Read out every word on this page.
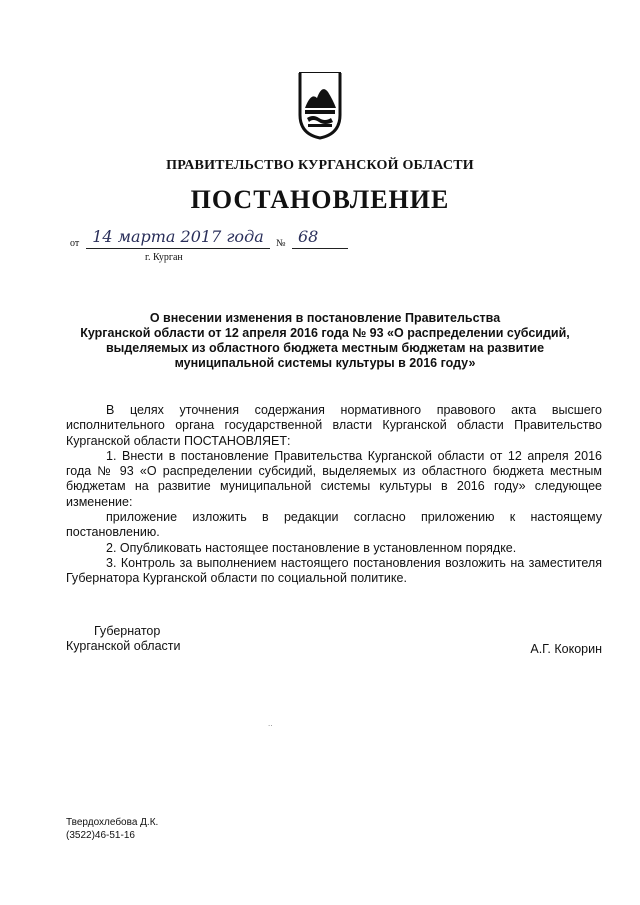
ПРАВИТЕЛЬСТВО КУРГАНСКОЙ ОБЛАСТИ
ПОСТАНОВЛЕНИЕ
от 14 марта 2017 года	№ 68
г. Курган
О внесении изменения в постановление Правительства
Курганской области от 12 апреля 2016 года № 93 «О распределении субсидий,
выделяемых из областного бюджета местным бюджетам на развитие
муниципальной системы культуры в 2016 году»

В целях уточнения содержания нормативного правового акта высшего исполнительного органа государственной власти Курганской области Правительство Курганской области ПОСТАНОВЛЯЕТ:

1. Внести в постановление Правительства Курганской области от 12 апреля 2016 года № 93 «О распределении субсидий, выделяемых из областного бюджета местным бюджетам на развитие муниципальной системы культуры в 2016 году» следующее изменение:

приложение изложить в редакции согласно приложению к настоящему постановлению.

2. Опубликовать настоящее постановление в установленном порядке.

3. Контроль за выполнением настоящего постановления возложить на заместителя Губернатора Курганской области по социальной политике.

Губернатор
Курганской области	А.Г. Кокорин
..
Твердохлебова Д.К.
(3522)46-51-16
